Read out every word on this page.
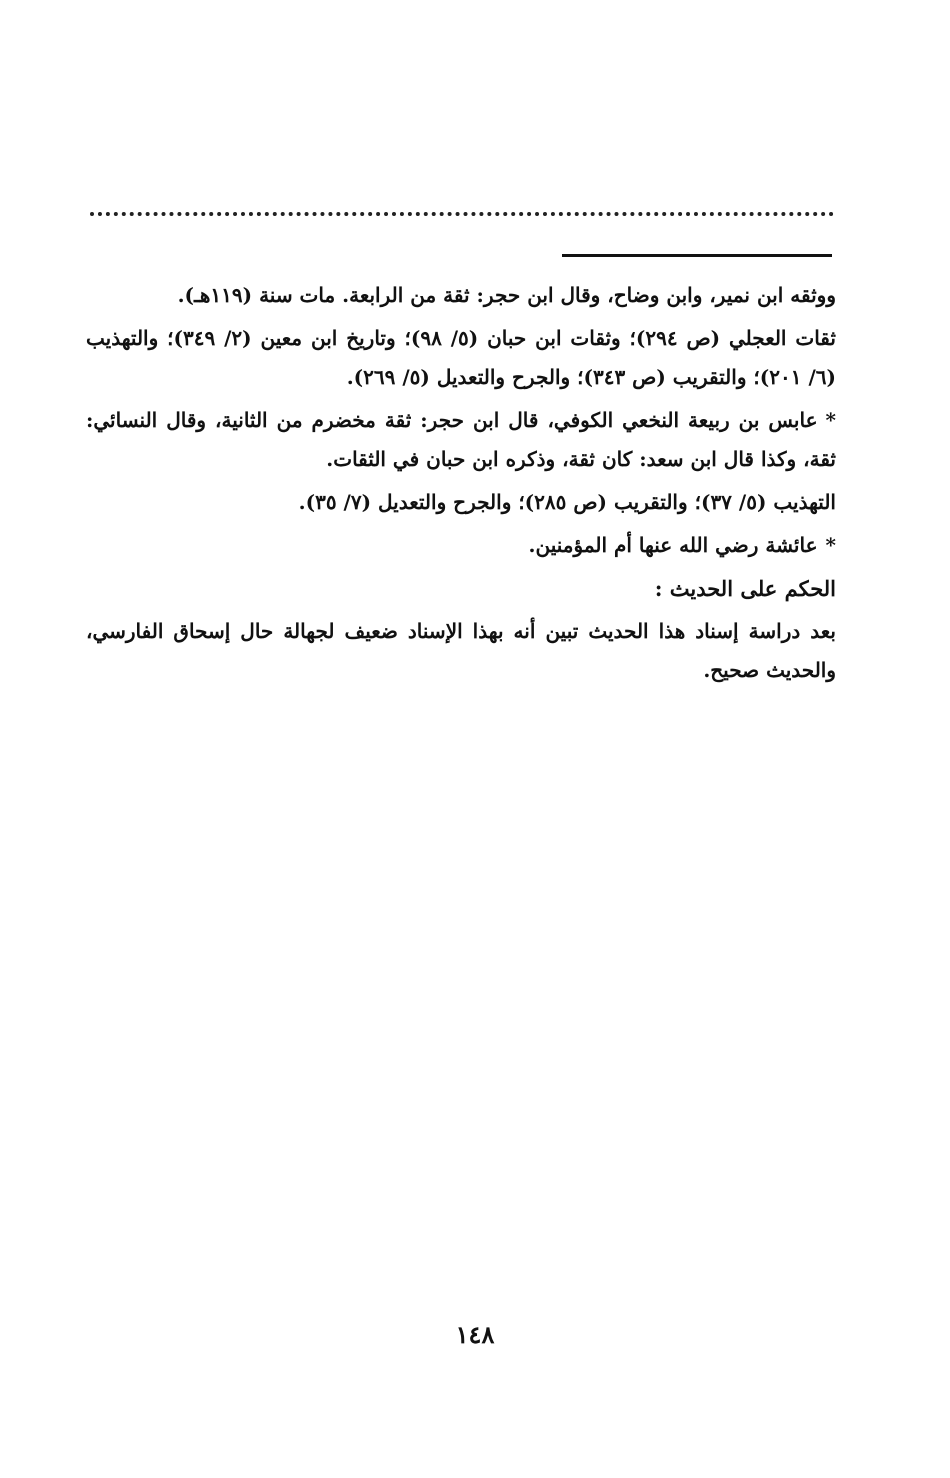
ووثقه ابن نمير، وابن وضاح، وقال ابن حجر: ثقة من الرابعة. مات سنة (١١٩هـ).

ثقات العجلي (ص ٢٩٤)؛ وثقات ابن حبان (٥/ ٩٨)؛ وتاريخ ابن معين (٢/ ٣٤٩)؛ والتهذيب (٦/ ٢٠١)؛ والتقريب (ص ٣٤٣)؛ والجرح والتعديل (٥/ ٢٦٩).

*عابس بن ربيعة النخعي الكوفي، قال ابن حجر: ثقة مخضرم من الثانية، وقال النسائي: ثقة، وكذا قال ابن سعد: كان ثقة، وذكره ابن حبان في الثقات.

التهذيب (٥/ ٣٧)؛ والتقريب (ص ٢٨٥)؛ والجرح والتعديل (٧/ ٣٥).

*عائشة رضي الله عنها أم المؤمنين.

الحكم على الحديث :

بعد دراسة إسناد هذا الحديث تبين أنه بهذا الإسناد ضعيف لجهالة حال إسحاق الفارسي، والحديث صحيح.

١٤٨
